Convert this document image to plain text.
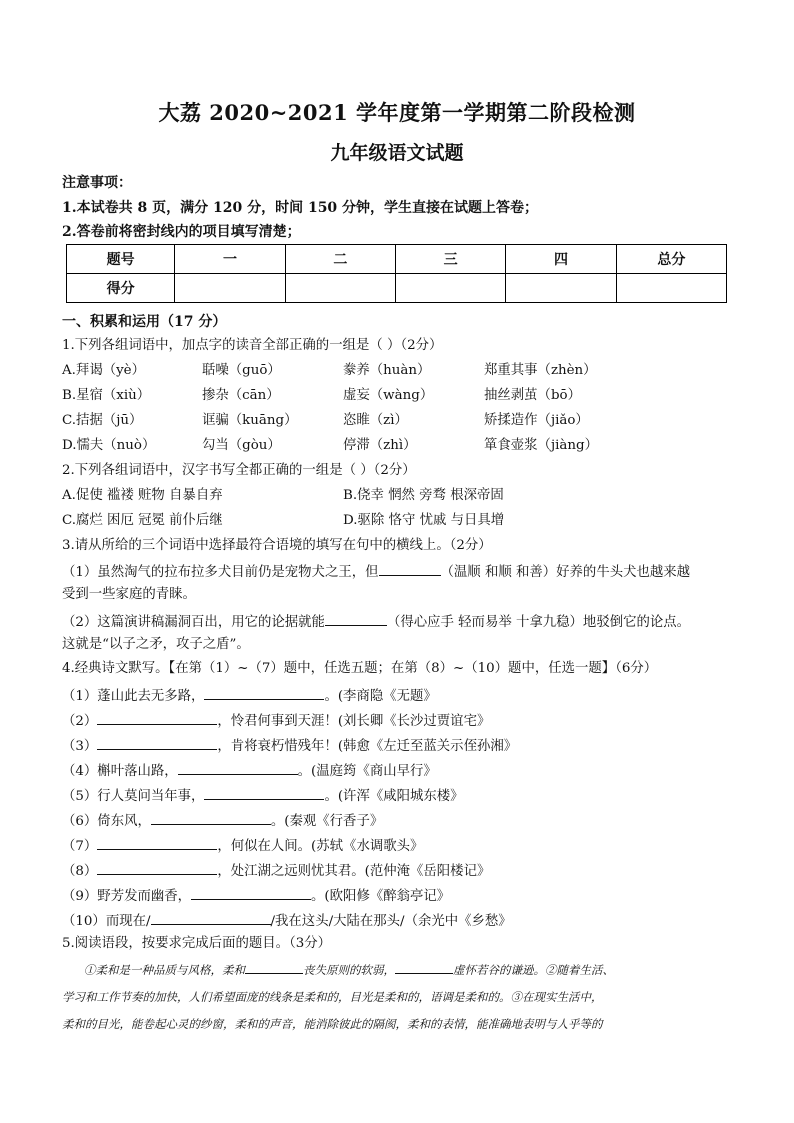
大荔 2020~2021 学年度第一学期第二阶段检测
九年级语文试题
注意事项：
1.本试卷共 8 页，满分 120 分，时间 150 分钟，学生直接在试题上答卷；
2.答卷前将密封线内的项目填写清楚；
题号	一	二	三	四	总分
得分					
一、积累和运用（17 分）
1.下列各组词语中，加点字的读音全部正确的一组是（ ）（2分）
A.拜谒（yè）	聒噪（guō）	豢养（huàn）	郑重其事（zhèn）
B.星宿（xiù）	掺杂（cān）	虚妄（wàng）	抽丝剥茧（bō）
C.拮据（jū）	诓骗（kuāng）	恣睢（zì）	矫揉造作（jiǎo）
D.懦夫（nuò）	勾当（gòu）	停滞（zhì）	箪食壶浆（jiàng）
2.下列各组词语中，汉字书写全都正确的一组是（ ）（2分）
A.促使 褴褛 赃物 自暴自弃	B.侥幸 惘然 旁骛 根深帝固
C.腐烂 困厄 冠冕 前仆后继	D.驱除 恪守 忧戚 与日具增
3.请从所给的三个词语中选择最符合语境的填写在句中的横线上。（2分）
（1）虽然淘气的拉布拉多犬目前仍是宠物犬之王，但	（温顺 和顺 和善）好养的牛头犬也越来越
受到一些家庭的青睐。
（2）这篇演讲稿漏洞百出，用它的论据就能	（得心应手 轻而易举 十拿九稳）地驳倒它的论点。
这就是“以子之矛，攻子之盾”。
4.经典诗文默写。【在第（1）~（7）题中，任选五题；在第（8）~（10）题中，任选一题】（6分）
（1）蓬山此去无多路，	。(李商隐《无题》
（2）	，怜君何事到天涯！(刘长卿《长沙过贾谊宅》
（3）	，肯将衰朽惜残年！(韩愈《左迁至蓝关示侄孙湘》
（4）槲叶落山路，	。(温庭筠《商山早行》
（5）行人莫问当年事，	。(许浑《咸阳城东楼》
（6）倚东风，	。(秦观《行香子》
（7）	，何似在人间。(苏轼《水调歌头》
（8）	，处江湖之远则忧其君。(范仲淹《岳阳楼记》
（9）野芳发而幽香，	。(欧阳修《醉翁亭记》
（10）而现在/	/我在这头/大陆在那头/（余光中《乡愁》
5.阅读语段，按要求完成后面的题目。（3分）
①柔和是一种品质与风格，柔和	丧失原则的软弱，	虚怀若谷的谦逊。②随着生活、
学习和工作节奏的加快，人们希望面庞的线条是柔和的，目光是柔和的，语调是柔和的。③在现实生活中，
柔和的目光，能卷起心灵的纱窗，柔和的声音，能消除彼此的隔阂，柔和的表情，能准确地表明与人乎等的
